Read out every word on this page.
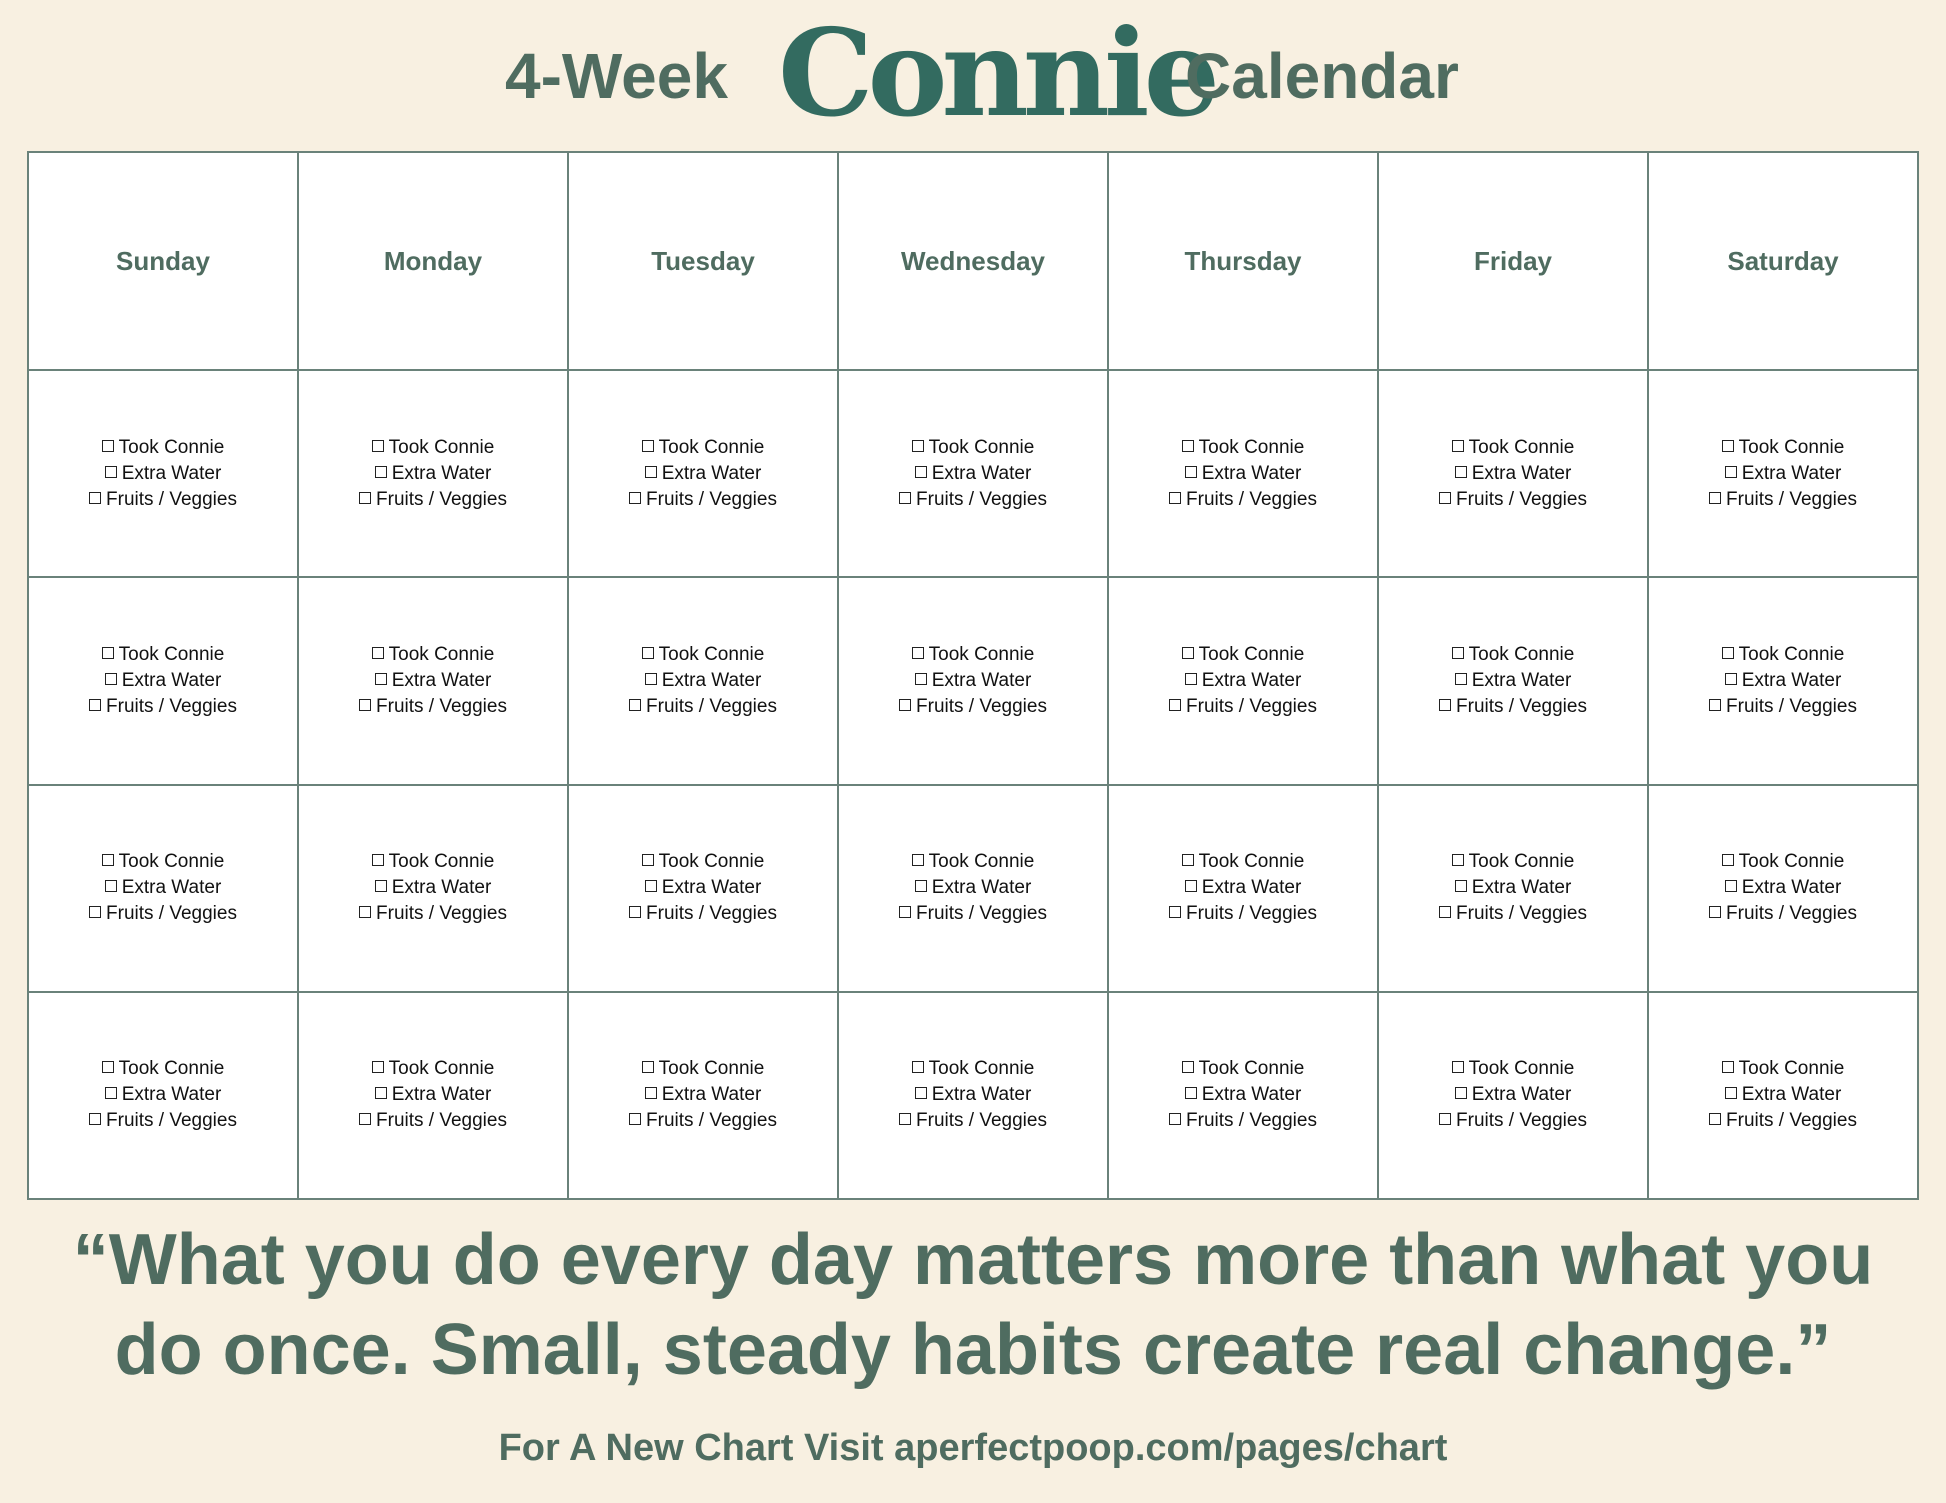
4-Week Connie
Calendar
Sunday	Monday	Tuesday	Wednesday	Thursday	Friday	Saturday

Took Connie
Extra Water
Fruits / Veggies	Took Connie
Extra Water
Fruits / Veggies	Took Connie
Extra Water
Fruits / Veggies	Took Connie
Extra Water
Fruits / Veggies	Took Connie
Extra Water
Fruits / Veggies	Took Connie
Extra Water
Fruits / Veggies	Took Connie
Extra Water
Fruits / Veggies

Took Connie
Extra Water
Fruits / Veggies	Took Connie
Extra Water
Fruits / Veggies	Took Connie
Extra Water
Fruits / Veggies	Took Connie
Extra Water
Fruits / Veggies	Took Connie
Extra Water
Fruits / Veggies	Took Connie
Extra Water
Fruits / Veggies	Took Connie
Extra Water
Fruits / Veggies

Took Connie
Extra Water
Fruits / Veggies	Took Connie
Extra Water
Fruits / Veggies	Took Connie
Extra Water
Fruits / Veggies	Took Connie
Extra Water
Fruits / Veggies	Took Connie
Extra Water
Fruits / Veggies	Took Connie
Extra Water
Fruits / Veggies	Took Connie
Extra Water
Fruits / Veggies

Took Connie
Extra Water
Fruits / Veggies	Took Connie
Extra Water
Fruits / Veggies	Took Connie
Extra Water
Fruits / Veggies	Took Connie
Extra Water
Fruits / Veggies	Took Connie
Extra Water
Fruits / Veggies	Took Connie
Extra Water
Fruits / Veggies	Took Connie
Extra Water
Fruits / Veggies
“What you do every day matters more than what you do once. Small, steady habits create real change.”
For A New Chart Visit aperfectpoop.com/pages/chart
